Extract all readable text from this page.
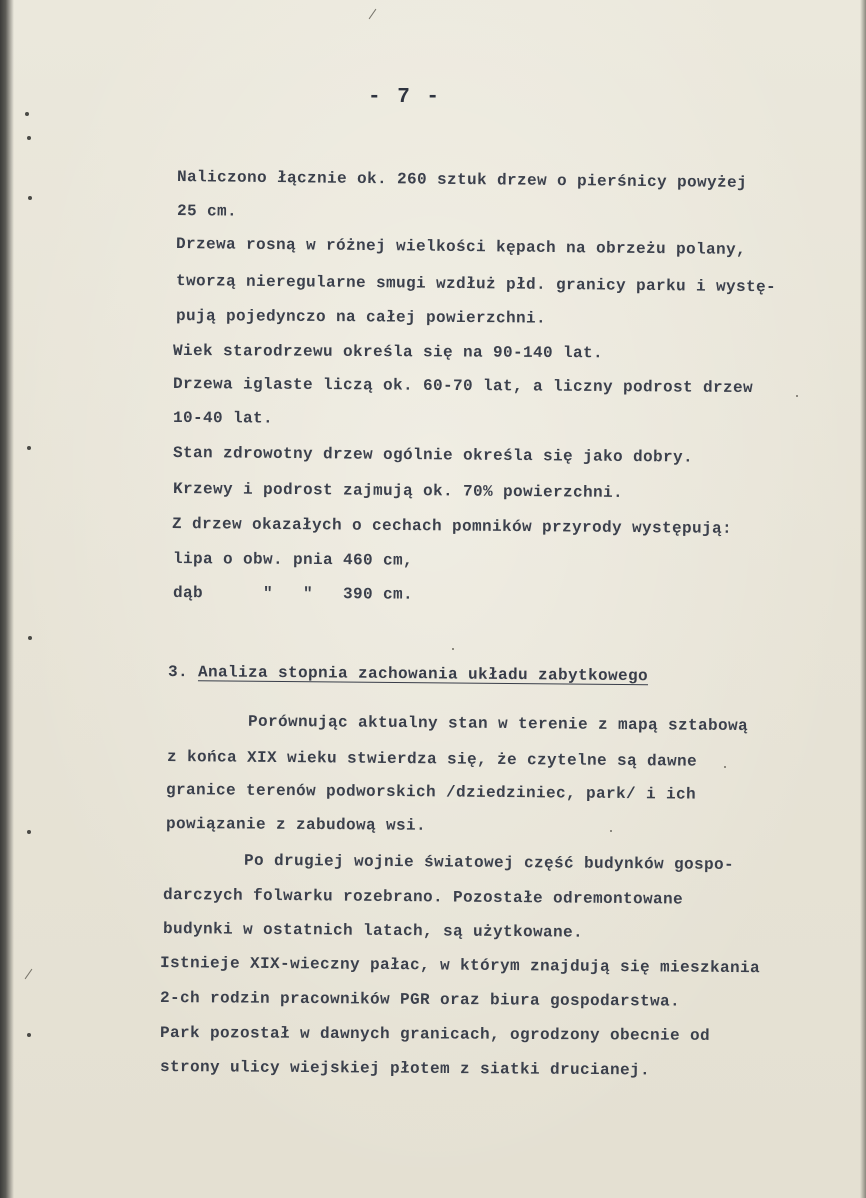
- 7 -
Naliczono łącznie ok. 260 sztuk drzew o pierśnicy powyżej
25 cm.
Drzewa rosną w różnej wielkości kępach na obrzeżu polany,
tworzą nieregularne smugi wzdłuż płd. granicy parku i wystę-
pują pojedynczo na całej powierzchni.
Wiek starodrzewu określa się na 90-140 lat.
Drzewa iglaste liczą ok. 60-70 lat, a liczny podrost drzew
10-40 lat.
Stan zdrowotny drzew ogólnie określa się jako dobry.
Krzewy i podrost zajmują ok. 70% powierzchni.
Z drzew okazałych o cechach pomników przyrody występują:
lipa o obw. pnia 460 cm,
dąb      "   "   390 cm.
3. Analiza stopnia zachowania układu zabytkowego
Porównując aktualny stan w terenie z mapą sztabową
z końca XIX wieku stwierdza się, że czytelne są dawne
granice terenów podworskich /dziedziniec, park/ i ich
powiązanie z zabudową wsi.
Po drugiej wojnie światowej część budynków gospo-
darczych folwarku rozebrano. Pozostałe odremontowane
budynki w ostatnich latach, są użytkowane.
Istnieje XIX-wieczny pałac, w którym znajdują się mieszkania
2-ch rodzin pracowników PGR oraz biura gospodarstwa.
Park pozostał w dawnych granicach, ogrodzony obecnie od
strony ulicy wiejskiej płotem z siatki drucianej.
